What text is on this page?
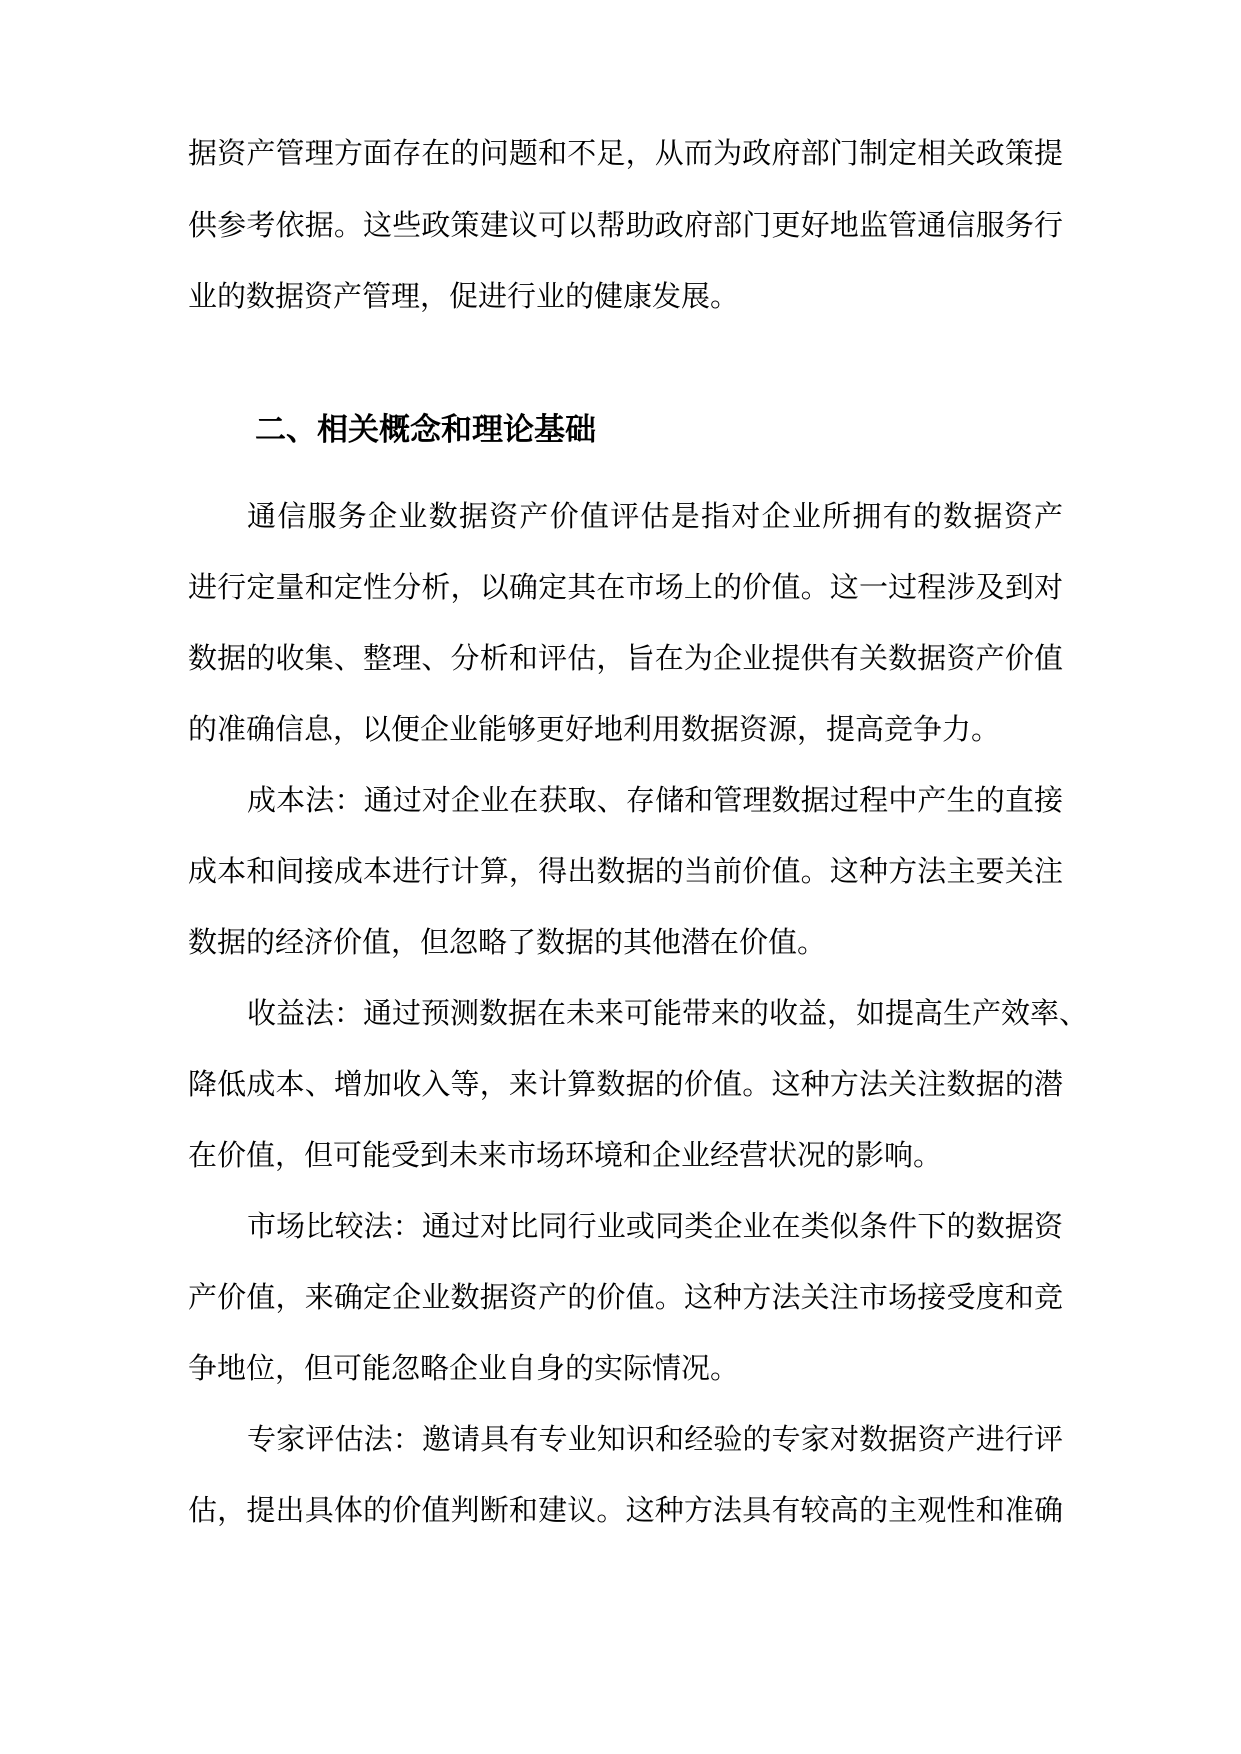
据资产管理方面存在的问题和不足，从而为政府部门制定相关政策提
供参考依据。这些政策建议可以帮助政府部门更好地监管通信服务行
业的数据资产管理，促进行业的健康发展。
二、相关概念和理论基础
通信服务企业数据资产价值评估是指对企业所拥有的数据资产
进行定量和定性分析，以确定其在市场上的价值。这一过程涉及到对
数据的收集、整理、分析和评估，旨在为企业提供有关数据资产价值
的准确信息，以便企业能够更好地利用数据资源，提高竞争力。
成本法：通过对企业在获取、存储和管理数据过程中产生的直接
成本和间接成本进行计算，得出数据的当前价值。这种方法主要关注
数据的经济价值，但忽略了数据的其他潜在价值。
收益法：通过预测数据在未来可能带来的收益，如提高生产效率、
降低成本、增加收入等，来计算数据的价值。这种方法关注数据的潜
在价值，但可能受到未来市场环境和企业经营状况的影响。
市场比较法：通过对比同行业或同类企业在类似条件下的数据资
产价值，来确定企业数据资产的价值。这种方法关注市场接受度和竞
争地位，但可能忽略企业自身的实际情况。
专家评估法：邀请具有专业知识和经验的专家对数据资产进行评
估，提出具体的价值判断和建议。这种方法具有较高的主观性和准确
